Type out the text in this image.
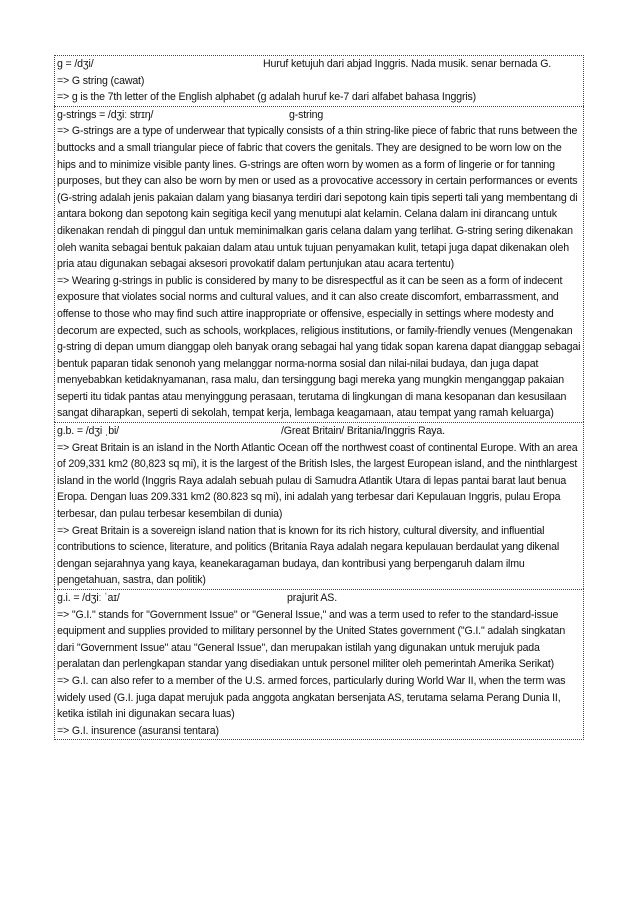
g = /dʒi/	Huruf ketujuh dari abjad Inggris. Nada musik. senar bernada G.

=> G string (cawat)

=> g is the 7th letter of the English alphabet (g adalah huruf ke-7 dari alfabet bahasa Inggris)

g-strings = /dʒiː strɪŋ/	g-string

=> G-strings are a type of underwear that typically consists of a thin string-like piece of fabric that runs between the buttocks and a small triangular piece of fabric that covers the genitals. They are designed to be worn low on the hips and to minimize visible panty lines. G-strings are often worn by women as a form of lingerie or for tanning purposes, but they can also be worn by men or used as a provocative accessory in certain performances or events (G-string adalah jenis pakaian dalam yang biasanya terdiri dari sepotong kain tipis seperti tali yang membentang di antara bokong dan sepotong kain segitiga kecil yang menutupi alat kelamin. Celana dalam ini dirancang untuk dikenakan rendah di pinggul dan untuk meminimalkan garis celana dalam yang terlihat. G-string sering dikenakan oleh wanita sebagai bentuk pakaian dalam atau untuk tujuan penyamakan kulit, tetapi juga dapat dikenakan oleh pria atau digunakan sebagai aksesori provokatif dalam pertunjukan atau acara tertentu)

=> Wearing g-strings in public is considered by many to be disrespectful as it can be seen as a form of indecent exposure that violates social norms and cultural values, and it can also create discomfort, embarrassment, and offense to those who may find such attire inappropriate or offensive, especially in settings where modesty and decorum are expected, such as schools, workplaces, religious institutions, or family-friendly venues (Mengenakan g-string di depan umum dianggap oleh banyak orang sebagai hal yang tidak sopan karena dapat dianggap sebagai bentuk paparan tidak senonoh yang melanggar norma-norma sosial dan nilai-nilai budaya, dan juga dapat menyebabkan ketidaknyamanan, rasa malu, dan tersinggung bagi mereka yang mungkin menganggap pakaian seperti itu tidak pantas atau menyinggung perasaan, terutama di lingkungan di mana kesopanan dan kesusilaan sangat diharapkan, seperti di sekolah, tempat kerja, lembaga keagamaan, atau tempat yang ramah keluarga)

g.b. = /dʒi ˌbi/	/Great Britain/ Britania/Inggris Raya.

=> Great Britain is an island in the North Atlantic Ocean off the northwest coast of continental Europe. With an area of 209,331 km2 (80,823 sq mi), it is the largest of the British Isles, the largest European island, and the ninthlargest island in the world (Inggris Raya adalah sebuah pulau di Samudra Atlantik Utara di lepas pantai barat laut benua Eropa. Dengan luas 209.331 km2 (80.823 sq mi), ini adalah yang terbesar dari Kepulauan Inggris, pulau Eropa terbesar, dan pulau terbesar kesembilan di dunia)

=> Great Britain is a sovereign island nation that is known for its rich history, cultural diversity, and influential contributions to science, literature, and politics (Britania Raya adalah negara kepulauan berdaulat yang dikenal dengan sejarahnya yang kaya, keanekaragaman budaya, dan kontribusi yang berpengaruh dalam ilmu pengetahuan, sastra, dan politik)

g.i. = /dʒiː ˈaɪ/	prajurit AS.

=> "G.I." stands for "Government Issue" or "General Issue," and was a term used to refer to the standard-issue equipment and supplies provided to military personnel by the United States government ("G.I." adalah singkatan dari "Government Issue" atau "General Issue", dan merupakan istilah yang digunakan untuk merujuk pada peralatan dan perlengkapan standar yang disediakan untuk personel militer oleh pemerintah Amerika Serikat)

=> G.I. can also refer to a member of the U.S. armed forces, particularly during World War II, when the term was widely used (G.I. juga dapat merujuk pada anggota angkatan bersenjata AS, terutama selama Perang Dunia II, ketika istilah ini digunakan secara luas)

=> G.I. insurence (asuransi tentara)
